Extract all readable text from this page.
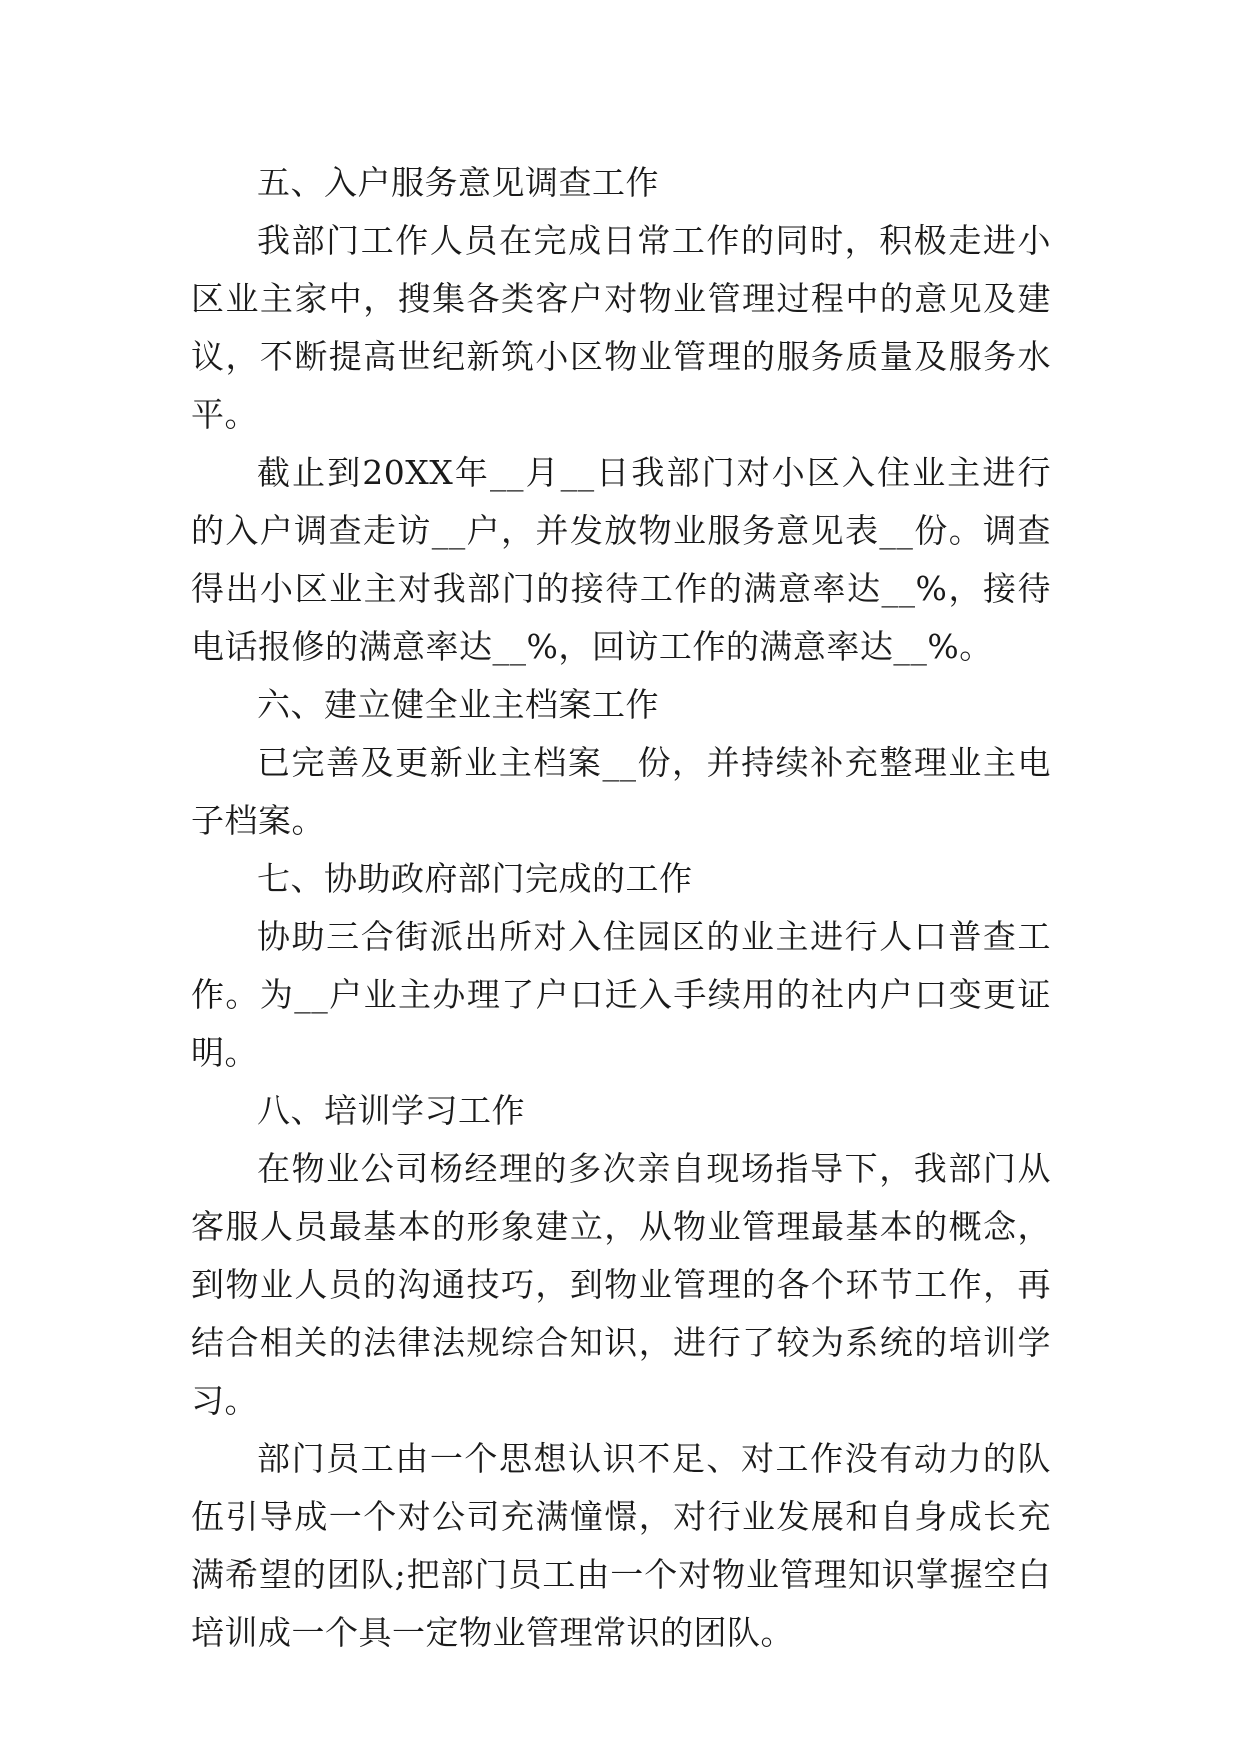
五、入户服务意见调查工作

我部门工作人员在完成日常工作的同时，积极走进小区业主家中，搜集各类客户对物业管理过程中的意见及建议，不断提高世纪新筑小区物业管理的服务质量及服务水平。

截止到20XX年__月__日我部门对小区入住业主进行的入户调查走访__户，并发放物业服务意见表__份。调查得出小区业主对我部门的接待工作的满意率达__%，接待电话报修的满意率达__%，回访工作的满意率达__%。

六、建立健全业主档案工作

已完善及更新业主档案__份，并持续补充整理业主电子档案。

七、协助政府部门完成的工作

协助三合街派出所对入住园区的业主进行人口普查工作。为__户业主办理了户口迁入手续用的社内户口变更证明。

八、培训学习工作

在物业公司杨经理的多次亲自现场指导下，我部门从客服人员最基本的形象建立，从物业管理最基本的概念，到物业人员的沟通技巧，到物业管理的各个环节工作，再结合相关的法律法规综合知识，进行了较为系统的培训学习。

部门员工由一个思想认识不足、对工作没有动力的队伍引导成一个对公司充满憧憬，对行业发展和自身成长充满希望的团队;把部门员工由一个对物业管理知识掌握空白培训成一个具一定物业管理常识的团队。
